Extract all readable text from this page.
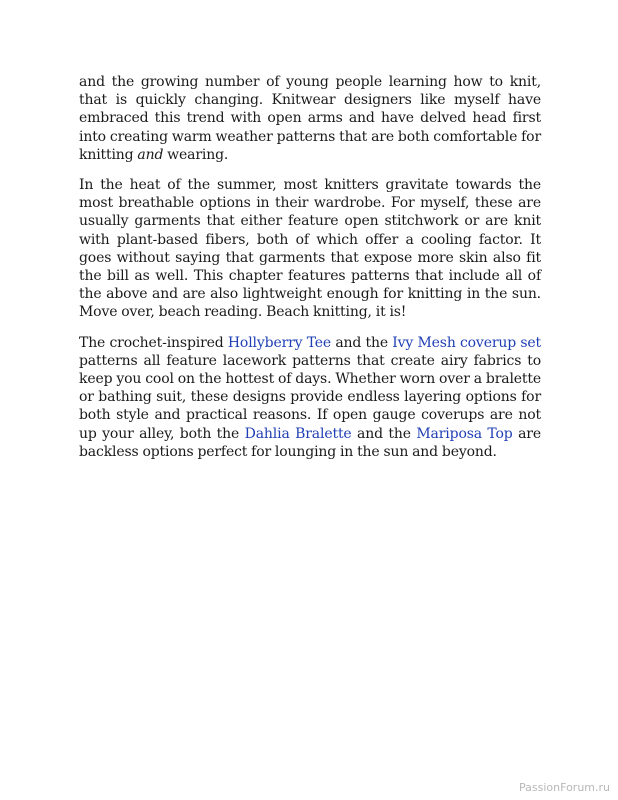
and the growing number of young people learning how to knit, that is quickly changing. Knitwear designers like myself have embraced this trend with open arms and have delved head first into creating warm weather patterns that are both comfortable for knitting and wearing.

In the heat of the summer, most knitters gravitate towards the most breathable options in their wardrobe. For myself, these are usually garments that either feature open stitchwork or are knit with plant-based fibers, both of which offer a cooling factor. It goes without saying that garments that expose more skin also fit the bill as well. This chapter features patterns that include all of the above and are also lightweight enough for knitting in the sun. Move over, beach reading. Beach knitting, it is!

The crochet-inspired Hollyberry Tee and the Ivy Mesh coverup set patterns all feature lacework patterns that create airy fabrics to keep you cool on the hottest of days. Whether worn over a bralette or bathing suit, these designs provide endless layering options for both style and practical reasons. If open gauge coverups are not up your alley, both the Dahlia Bralette and the Mariposa Top are backless options perfect for lounging in the sun and beyond.

PassionForum.ru
